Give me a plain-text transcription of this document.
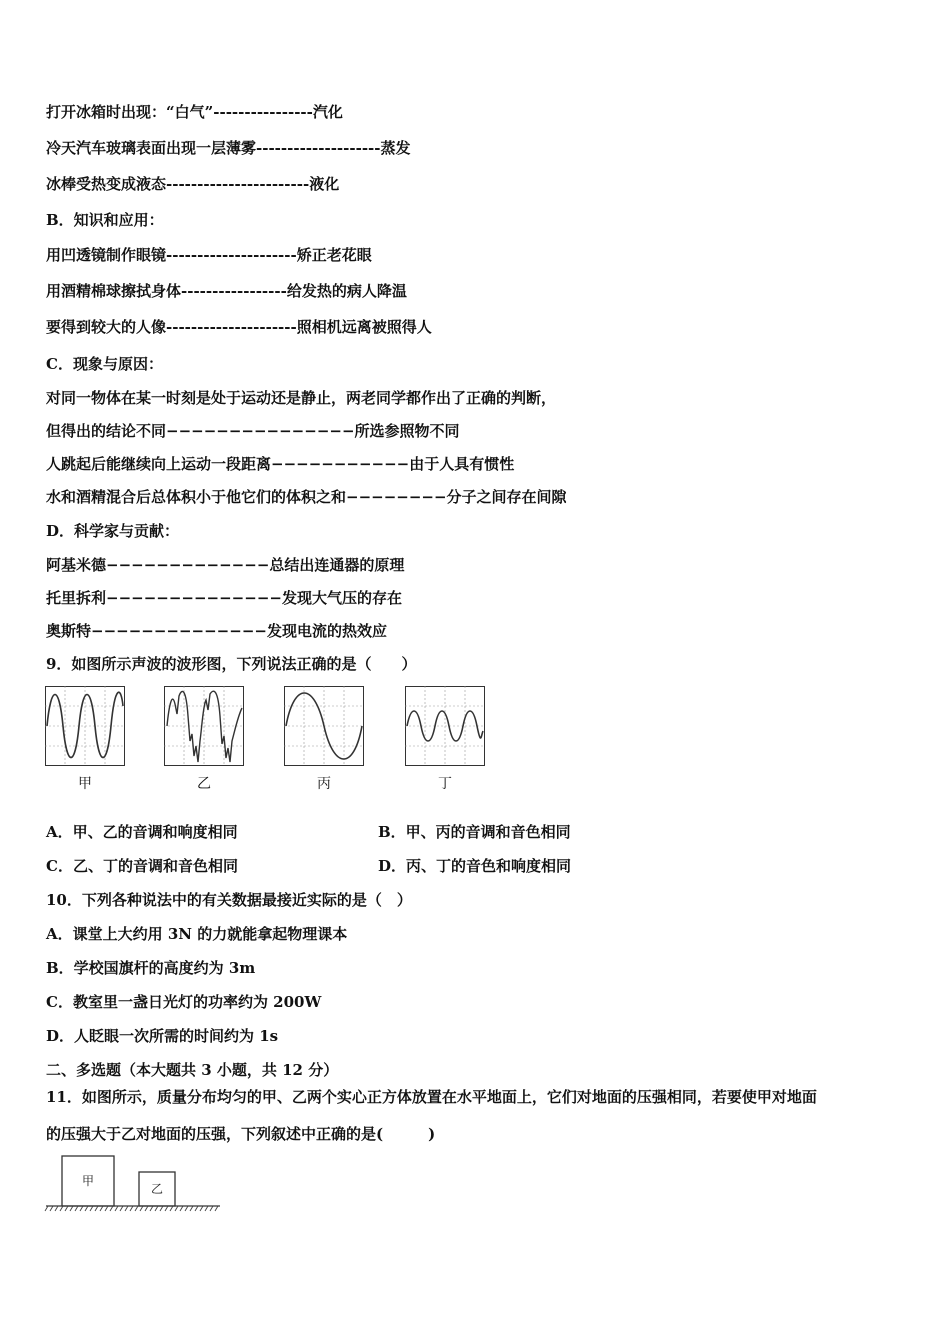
打开冰箱时出现：“白气”----------------汽化
冷天汽车玻璃表面出现一层薄雾--------------------蒸发
冰棒受热变成液态-----------------------液化
B．知识和应用：
用凹透镜制作眼镜---------------------矫正老花眼
用酒精棉球擦拭身体-----------------给发热的病人降温
要得到较大的人像---------------------照相机远离被照得人
C．现象与原因：
对同一物体在某一时刻是处于运动还是静止，两老同学都作出了正确的判断，
但得出的结论不同−−−−−−−−−−−−−−−所选参照物不同
人跳起后能继续向上运动一段距离−−−−−−−−−−−由于人具有惯性
水和酒精混合后总体积小于他它们的体积之和−−−−−−−−分子之间存在间隙
D．科学家与贡献：
阿基米德−−−−−−−−−−−−−总结出连通器的原理
托里拆利−−−−−−−−−−−−−−发现大气压的存在
奥斯特−−−−−−−−−−−−−−发现电流的热效应
9．如图所示声波的波形图，下列说法正确的是（　　）
甲	乙	丙	丁
A．甲、乙的音调和响度相同	B．甲、丙的音调和音色相同
C．乙、丁的音调和音色相同	D．丙、丁的音色和响度相同
10．下列各种说法中的有关数据最接近实际的是（　）
A．课堂上大约用 3N 的力就能拿起物理课本
B．学校国旗杆的高度约为 3m
C．教室里一盏日光灯的功率约为 200W
D．人眨眼一次所需的时间约为 1s
二、多选题（本大题共 3 小题，共 12 分）
11．如图所示，质量分布均匀的甲、乙两个实心正方体放置在水平地面上，它们对地面的压强相同，若要使甲对地面
的压强大于乙对地面的压强，下列叙述中正确的是(　　　)
甲
乙
